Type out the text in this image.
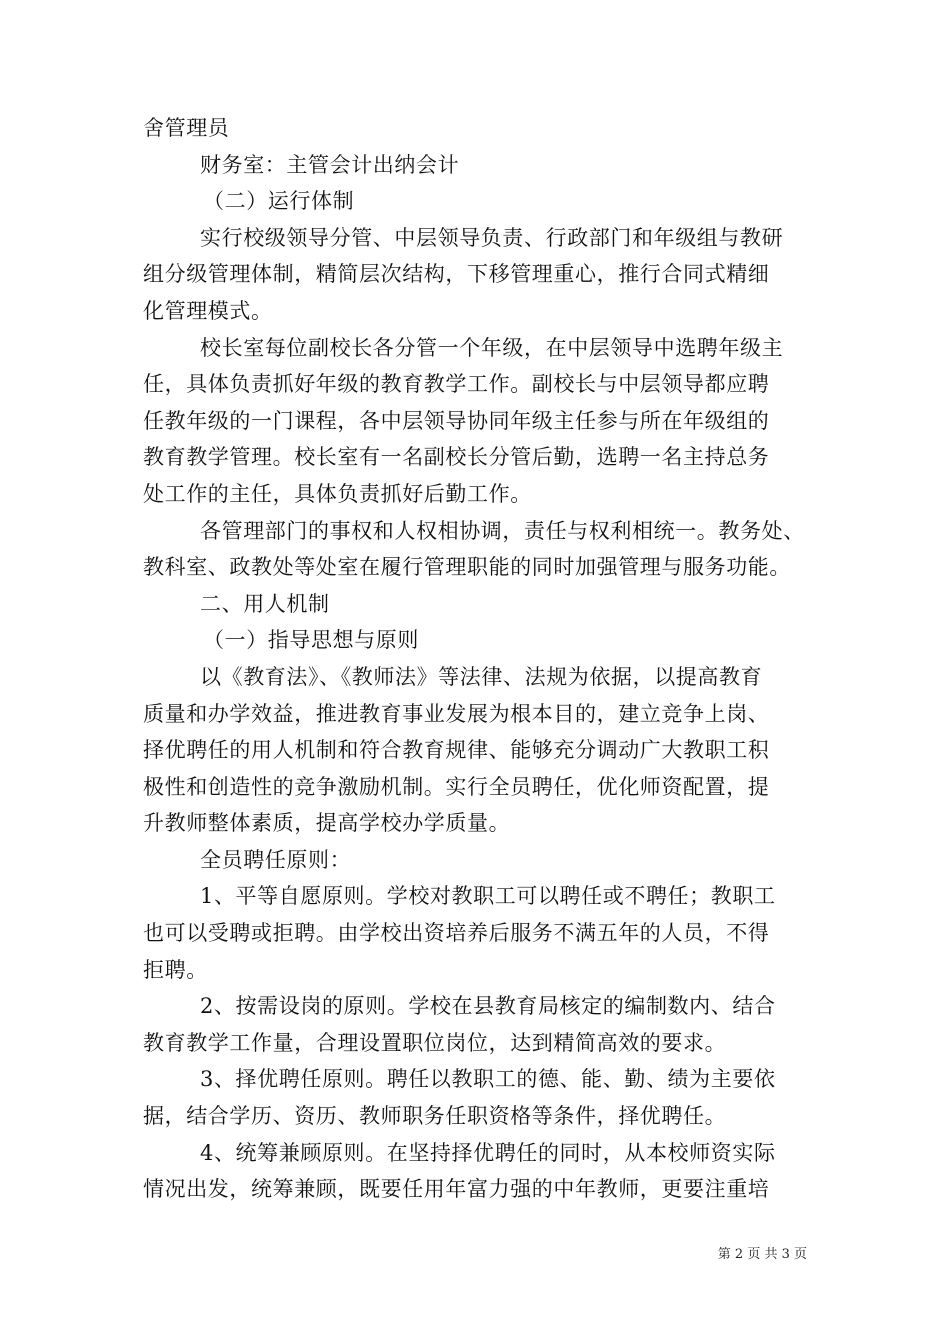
舍管理员
财务室：主管会计出纳会计
（二）运行体制
实行校级领导分管、中层领导负责、行政部门和年级组与教研
组分级管理体制，精简层次结构，下移管理重心，推行合同式精细
化管理模式。
校长室每位副校长各分管一个年级，在中层领导中选聘年级主
任，具体负责抓好年级的教育教学工作。副校长与中层领导都应聘
任教年级的一门课程，各中层领导协同年级主任参与所在年级组的
教育教学管理。校长室有一名副校长分管后勤，选聘一名主持总务
处工作的主任，具体负责抓好后勤工作。
各管理部门的事权和人权相协调，责任与权利相统一。教务处、
教科室、政教处等处室在履行管理职能的同时加强管理与服务功能。
二、用人机制
（一）指导思想与原则
以《教育法》、《教师法》等法律、法规为依据，以提高教育
质量和办学效益，推进教育事业发展为根本目的，建立竞争上岗、
择优聘任的用人机制和符合教育规律、能够充分调动广大教职工积
极性和创造性的竞争激励机制。实行全员聘任，优化师资配置，提
升教师整体素质，提高学校办学质量。
全员聘任原则：
1、平等自愿原则。学校对教职工可以聘任或不聘任；教职工
也可以受聘或拒聘。由学校出资培养后服务不满五年的人员，不得
拒聘。
2、按需设岗的原则。学校在县教育局核定的编制数内、结合
教育教学工作量，合理设置职位岗位，达到精简高效的要求。
3、择优聘任原则。聘任以教职工的德、能、勤、绩为主要依
据，结合学历、资历、教师职务任职资格等条件，择优聘任。
4、统筹兼顾原则。在坚持择优聘任的同时，从本校师资实际
情况出发，统筹兼顾，既要任用年富力强的中年教师，更要注重培
第 2 页 共 3 页
